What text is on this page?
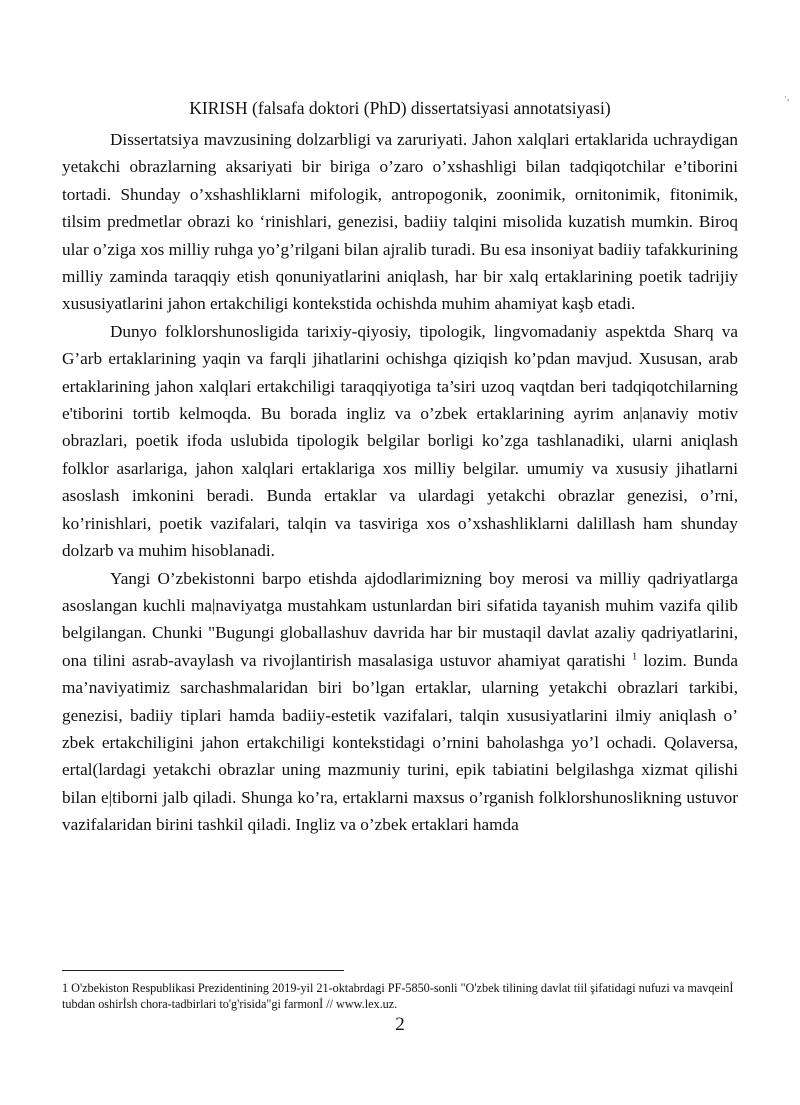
·,
KIRISH (falsafa doktori (PhD) dissertatsiyasi annotatsiyasi)

Dissertatsiya mavzusining dolzarbligi va zaruriyati. Jahon xalqlari ertaklarida uchraydigan yetakchi obrazlarning aksariyati bir biriga o’zaro o’xshashligi bilan tadqiqotchilar e’tiborini tortadi. Shunday o’xshashliklarni mifologik, antropogonik, zoonimik, ornitonimik, fitonimik, tilsim predmetlar obrazi ko ‘rinishlari, genezisi, badiiy talqini misolida kuzatish mumkin. Biroq ular o’ziga xos milliy ruhga yo’g’rilgani bilan ajralib turadi. Bu esa insoniyat badiiy tafakkurining milliy zaminda taraqqiy etish qonuniyatlarini aniqlash, har bir xalq ertaklarining poetik tadrijiy xususiyatlarini jahon ertakchiligi kontekstida ochishda muhim ahamiyat kaşb etadi.

Dunyo folklorshunosligida tarixiy-qiyosiy, tipologik, lingvomadaniy aspektda Sharq va G’arb ertaklarining yaqin va farqli jihatlarini ochishga qiziqish ko’pdan mavjud. Xususan, arab ertaklarining jahon xalqlari ertakchiligi taraqqiyotiga ta’siri uzoq vaqtdan beri tadqiqotchilarning e'tiborini tortib kelmoqda. Bu borada ingliz va o’zbek ertaklarining ayrim an|anaviy motiv obrazlari, poetik ifoda uslubida tipologik belgilar borligi ko’zga tashlanadiki, ularni aniqlash folklor asarlariga, jahon xalqlari ertaklariga xos milliy belgilar. umumiy va xususiy jihatlarni asoslash imkonini beradi. Bunda ertaklar va ulardagi yetakchi obrazlar genezisi, o’rni, ko’rinishlari, poetik vazifalari, talqin va tasviriga xos o’xshashliklarni dalillash ham shunday dolzarb va muhim hisoblanadi.

Yangi O’zbekistonni barpo etishda ajdodlarimizning boy merosi va milliy qadriyatlarga asoslangan kuchli ma|naviyatga mustahkam ustunlardan biri sifatida tayanish muhim vazifa qilib belgilangan. Chunki "Bugungi globallashuv davrida har bir mustaqil davlat azaliy qadriyatlarini, ona tilini asrab-avaylash va rivojlantirish masalasiga ustuvor ahamiyat qaratishi $^1$ lozim. Bunda ma’naviyatimiz sarchashmalaridan biri bo’lgan ertaklar, ularning yetakchi obrazlari tarkibi, genezisi, badiiy tiplari hamda badiiy-estetik vazifalari, talqin xususiyatlarini ilmiy aniqlash o’ zbek ertakchiligini jahon ertakchiligi kontekstidagi o’rnini baholashga yo’l ochadi. Qolaversa, ertal(lardagi yetakchi obrazlar uning mazmuniy turini, epik tabiatini belgilashga xizmat qilishi bilan e|tiborni jalb qiladi. Shunga ko’ra, ertaklarni maxsus o’rganish folklorshunoslikning ustuvor vazifalaridan birini tashkil qiladi. Ingliz va o’zbek ertaklari hamda

1 O'zbekiston Respublikasi Prezidentining 2019-yil 21-oktabrdagi PF-5850-sonli "O'zbek tilining davlat tiil şifatidagi nufuzi va mavqeinİ tubdan oshirİsh chora-tadbirlari to'g'risida"gi farmonİ // www.lex.uz.

2
